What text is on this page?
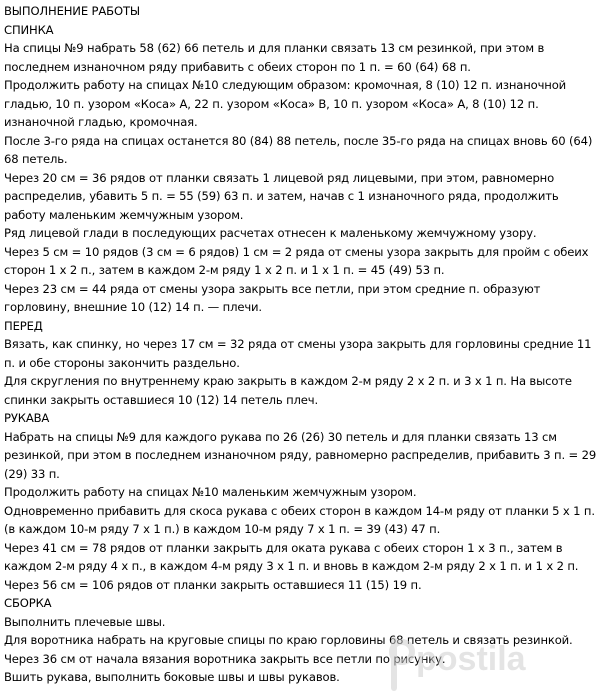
ВЫПОЛНЕНИЕ РАБОТЫ
СПИНКА
На спицы №9 набрать 58 (62) 66 петель и для планки связать 13 см резинкой, при этом в последнем изнаночном ряду прибавить с обеих сторон по 1 п. = 60 (64) 68 п.
Продолжить работу на спицах №10 следующим образом: кромочная, 8 (10) 12 п. изнаночной гладью, 10 п. узором «Коса» А, 22 п. узором «Коса» В, 10 п. узором «Коса» А, 8 (10) 12 п. изнаночной гладью, кромочная.
После 3-го ряда на спицах останется 80 (84) 88 петель, после 35-го ряда на спицах вновь 60 (64) 68 петель.
Через 20 см = 36 рядов от планки связать 1 лицевой ряд лицевыми, при этом, равномерно распределив, убавить 5 п. = 55 (59) 63 п. и затем, начав с 1 изнаночного ряда, продолжить работу маленьким жемчужным узором.
Ряд лицевой глади в последующих расчетах отнесен к маленькому жемчужному узору.
Через 5 см = 10 рядов (3 см = 6 рядов) 1 см = 2 ряда от смены узора закрыть для пройм с обеих сторон 1 х 2 п., затем в каждом 2-м ряду 1 х 2 п. и 1 х 1 п. = 45 (49) 53 п.
Через 23 см = 44 ряда от смены узора закрыть все петли, при этом средние п. образуют горловину, внешние 10 (12) 14 п. — плечи.
ПЕРЕД
Вязать, как спинку, но через 17 см = 32 ряда от смены узора закрыть для горловины средние 11 п. и обе стороны закончить раздельно.
Для скругления по внутреннему краю закрыть в каждом 2-м ряду 2 х 2 п. и 3 х 1 п. На высоте спинки закрыть оставшиеся 10 (12) 14 петель плеч.
РУКАВА
Набрать на спицы №9 для каждого рукава по 26 (26) 30 петель и для планки связать 13 см резинкой, при этом в последнем изнаночном ряду, равномерно распределив, прибавить 3 п. = 29 (29) 33 п.
Продолжить работу на спицах №10 маленьким жемчужным узором.
Одновременно прибавить для скоса рукава с обеих сторон в каждом 14-м ряду от планки 5 х 1 п. (в каждом 10-м ряду 7 х 1 п.) в каждом 10-м ряду 7 х 1 п. = 39 (43) 47 п.
Через 41 см = 78 рядов от планки закрыть для оката рукава с обеих сторон 1 х 3 п., затем в каждом 2-м ряду 4 х п., в каждом 4-м ряду 3 х 1 п. и вновь в каждом 2-м ряду 2 х 1 п. и 1 х 2 п.
Через 56 см = 106 рядов от планки закрыть оставшиеся 11 (15) 19 п.
СБОРКА
Выполнить плечевые швы.
Для воротника набрать на круговые спицы по краю горловины 68 петель и связать резинкой. Через 36 см от начала вязания воротника закрыть все петли по рисунку.
Вшить рукава, выполнить боковые швы и швы рукавов.	postila
